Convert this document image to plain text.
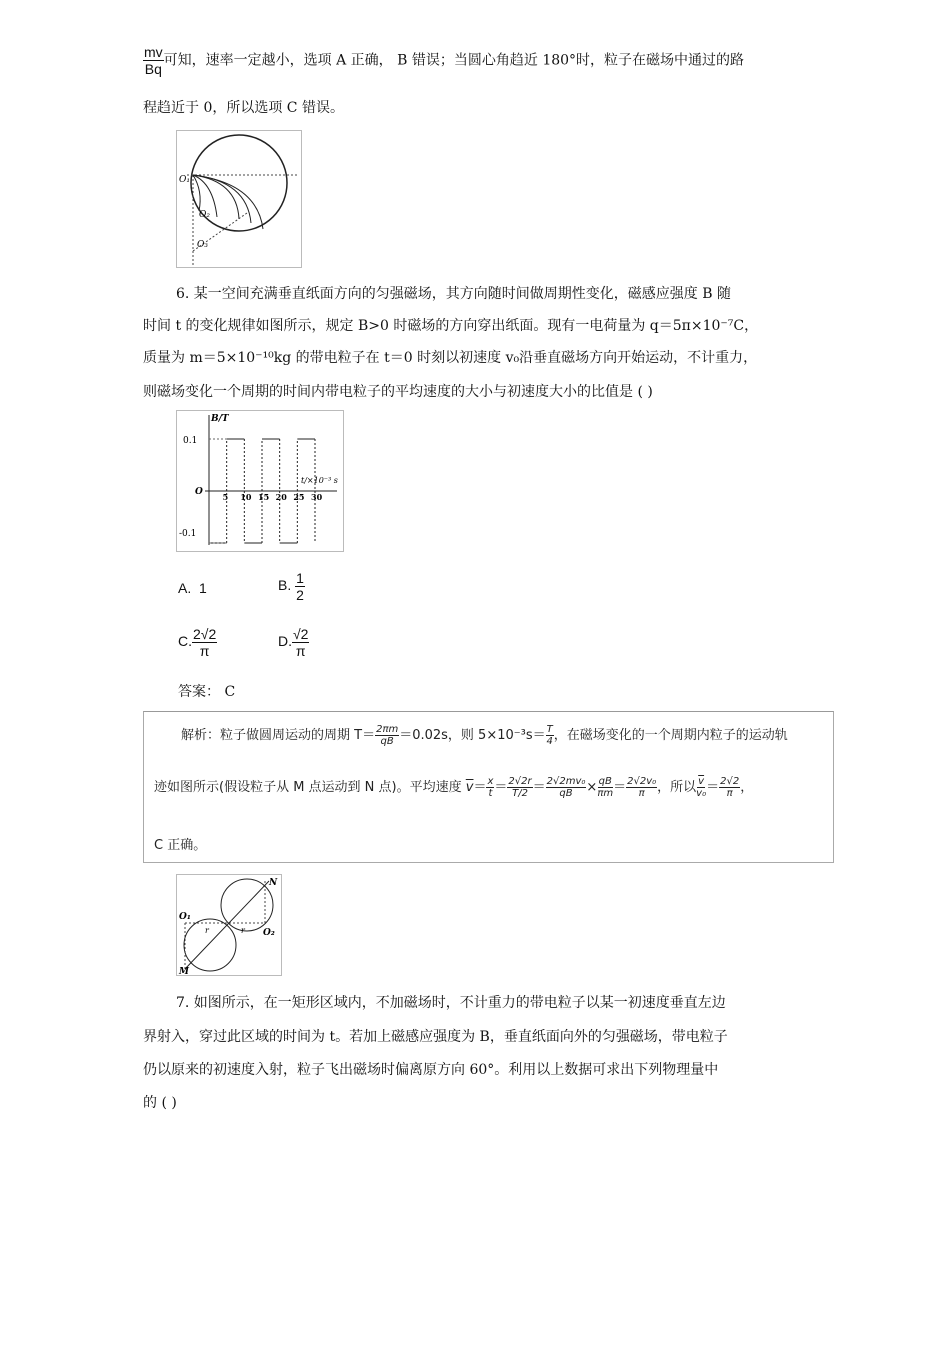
$\frac{mv}{Bq}$ 可知，速率一定越小，选项 A 正确， B 错误；当圆心角趋近 180°时，粒子在磁场中通过的路
程趋近于 0，所以选项 C 错误。
O₁
O₂
O₃
6. 某一空间充满垂直纸面方向的匀强磁场，其方向随时间做周期性变化，磁感应强度 B 随
时间 t 的变化规律如图所示，规定 B>0 时磁场的方向穿出纸面。现有一电荷量为 q＝5π×10⁻⁷C，
质量为 m＝5×10⁻¹⁰kg 的带电粒子在 t＝0 时刻以初速度 v₀沿垂直磁场方向开始运动，不计重力，
则磁场变化一个周期的时间内带电粒子的平均速度的大小与初速度大小的比值是 ( )
B/T
t/×10⁻³ s
0.1
O
-0.1
5 10 15 20 25 30
A. 1	B. $\frac{1}{2}$
C. $\frac{2√2}{\pi}$	D. $\frac{√2}{\pi}$
答案： C
解析：粒子做圆周运动的周期 $T= \frac{2\pi m}{qB} =0.02s$，则 $5\times 10^{-3}s= \frac{T}{4}$ ，在磁场变化的一个周期内粒子的运动轨
迹如图所示(假设粒子从 M 点运动到 N 点)。平均速度 $\overline{v}= \frac{x}{t} = \frac{2√2r}{T/2} = \frac{\text{2√2mv₀}}{qB} \times \frac{qB}{\pi m} = \frac{\text{2√2v₀}}{\pi}$ ，所以 $\frac{\overline{v}}{\text{v₀}} = \frac{2√2}{\pi}$ ，
C 正确。
N
O₁
O₂
M
r	r
7. 如图所示，在一矩形区域内，不加磁场时，不计重力的带电粒子以某一初速度垂直左边
界射入，穿过此区域的时间为 t。若加上磁感应强度为 B，垂直纸面向外的匀强磁场，带电粒子
仍以原来的初速度入射，粒子飞出磁场时偏离原方向 60°。利用以上数据可求出下列物理量中
的 ( )
